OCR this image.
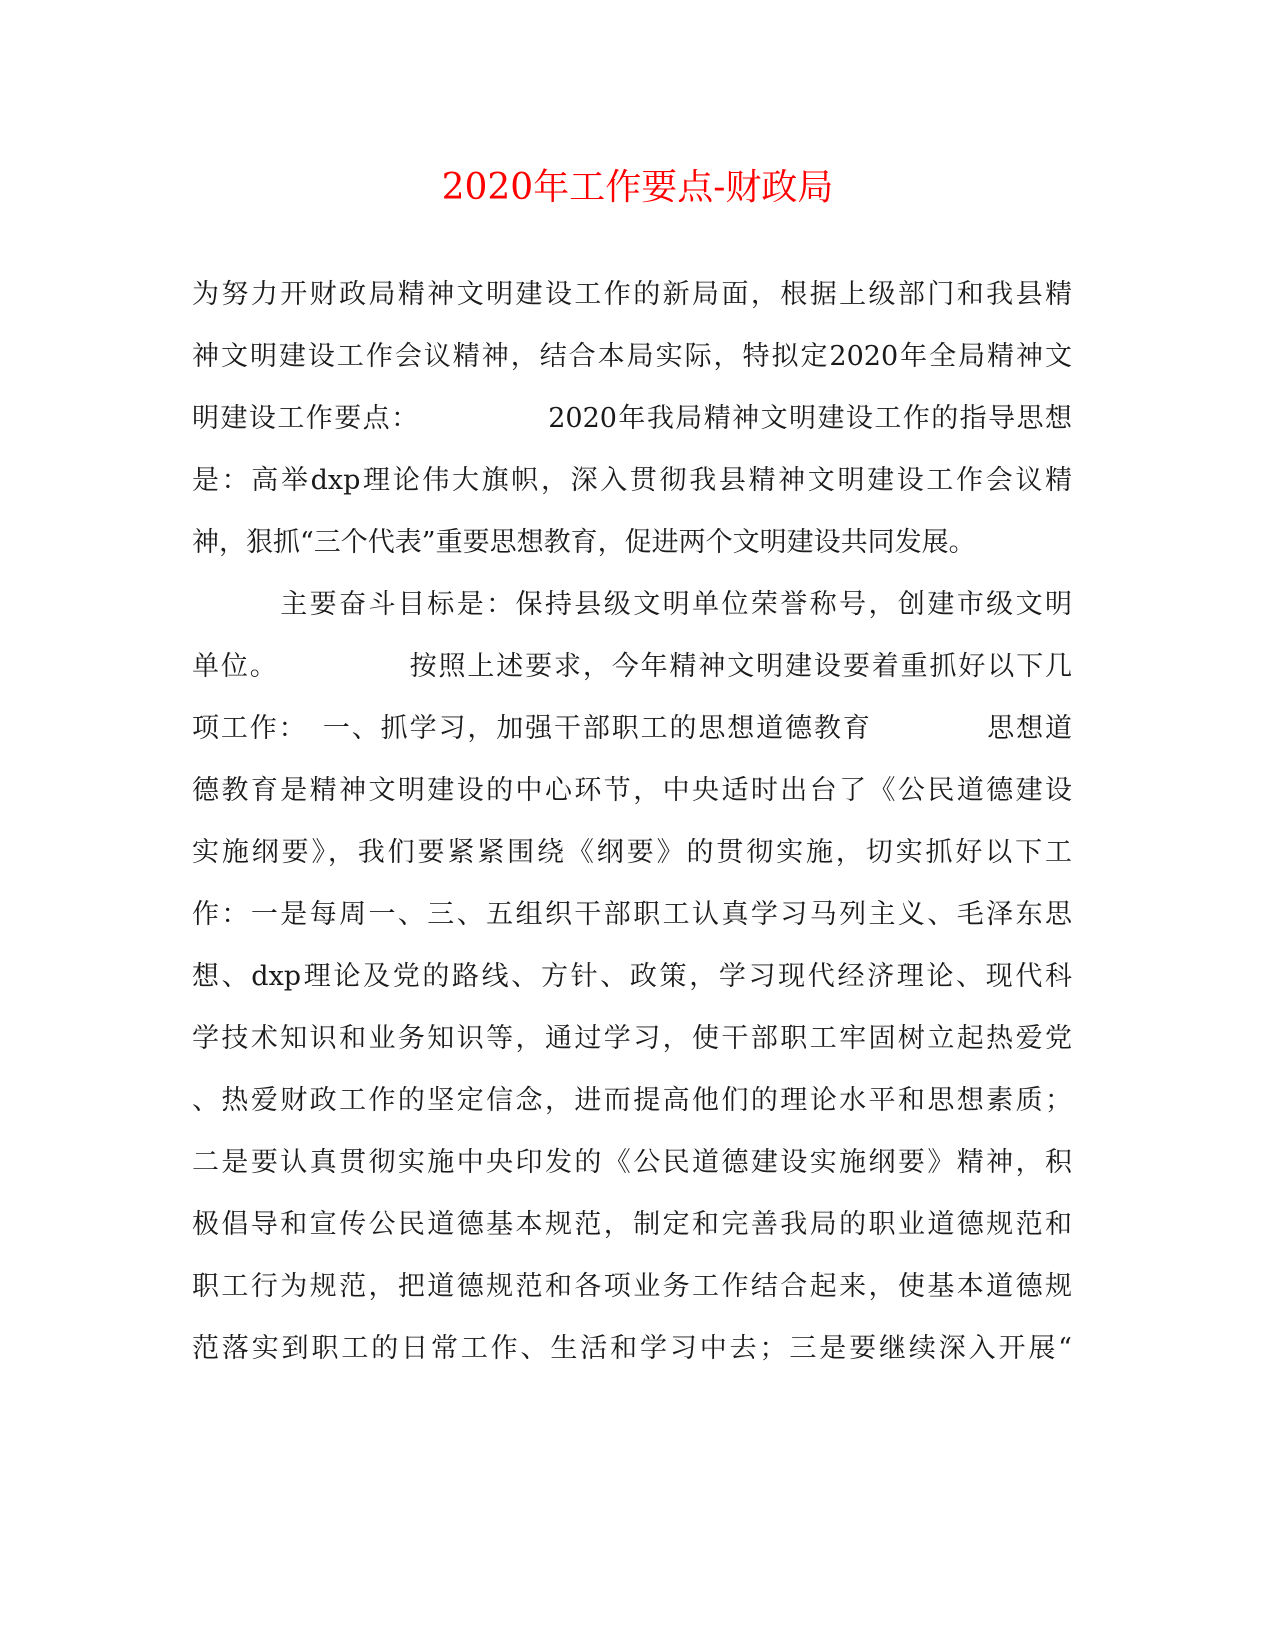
2020年工作要点-财政局
为努力开财政局精神文明建设工作的新局面，根据上级部门和我县精
神文明建设工作会议精神，结合本局实际，特拟定2020年全局精神文
明建设工作要点：　　　　　2020年我局精神文明建设工作的指导思想
是：高举dxp理论伟大旗帜，深入贯彻我县精神文明建设工作会议精
神，狠抓“三个代表”重要思想教育，促进两个文明建设共同发展。
　　　主要奋斗目标是：保持县级文明单位荣誉称号，创建市级文明
单位。　　　　　按照上述要求，今年精神文明建设要着重抓好以下几
项工作：　一、抓学习，加强干部职工的思想道德教育　　　　思想道
德教育是精神文明建设的中心环节，中央适时出台了《公民道德建设
实施纲要》，我们要紧紧围绕《纲要》的贯彻实施，切实抓好以下工
作：一是每周一、三、五组织干部职工认真学习马列主义、毛泽东思
想、dxp理论及党的路线、方针、政策，学习现代经济理论、现代科
学技术知识和业务知识等，通过学习，使干部职工牢固树立起热爱党
、热爱财政工作的坚定信念，进而提高他们的理论水平和思想素质；
二是要认真贯彻实施中央印发的《公民道德建设实施纲要》精神，积
极倡导和宣传公民道德基本规范，制定和完善我局的职业道德规范和
职工行为规范，把道德规范和各项业务工作结合起来，使基本道德规
范落实到职工的日常工作、生活和学习中去；三是要继续深入开展“
